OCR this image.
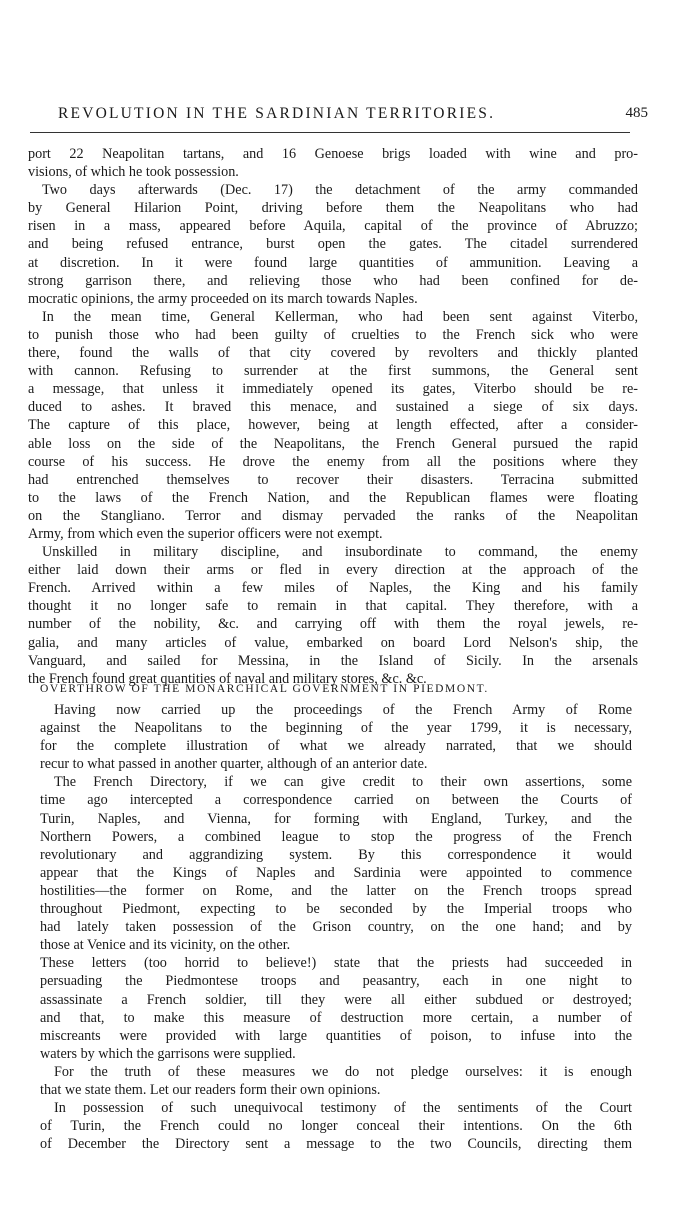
REVOLUTION IN THE SARDINIAN TERRITORIES.	485
port 22 Neapolitan tartans, and 16 Genoese brigs loaded with wine and pro-
visions, of which he took possession.
Two days afterwards (Dec. 17) the detachment of the army commanded
by General Hilarion Point, driving before them the Neapolitans who had
risen in a mass, appeared before Aquila, capital of the province of Abruzzo;
and being refused entrance, burst open the gates. The citadel surrendered
at discretion. In it were found large quantities of ammunition. Leaving a
strong garrison there, and relieving those who had been confined for de-
mocratic opinions, the army proceeded on its march towards Naples.
In the mean time, General Kellerman, who had been sent against Viterbo,
to punish those who had been guilty of cruelties to the French sick who were
there, found the walls of that city covered by revolters and thickly planted
with cannon. Refusing to surrender at the first summons, the General sent
a message, that unless it immediately opened its gates, Viterbo should be re-
duced to ashes. It braved this menace, and sustained a siege of six days.
The capture of this place, however, being at length effected, after a consider-
able loss on the side of the Neapolitans, the French General pursued the rapid
course of his success. He drove the enemy from all the positions where they
had entrenched themselves to recover their disasters. Terracina submitted
to the laws of the French Nation, and the Republican flames were floating
on the Stangliano. Terror and dismay pervaded the ranks of the Neapolitan
Army, from which even the superior officers were not exempt.
Unskilled in military discipline, and insubordinate to command, the enemy
either laid down their arms or fled in every direction at the approach of the
French. Arrived within a few miles of Naples, the King and his family
thought it no longer safe to remain in that capital. They therefore, with a
number of the nobility, &c. and carrying off with them the royal jewels, re-
galia, and many articles of value, embarked on board Lord Nelson's ship, the
Vanguard, and sailed for Messina, in the Island of Sicily. In the arsenals
the French found great quantities of naval and military stores, &c. &c.
OVERTHROW OF THE MONARCHICAL GOVERNMENT IN PIEDMONT.
Having now carried up the proceedings of the French Army of Rome
against the Neapolitans to the beginning of the year 1799, it is necessary,
for the complete illustration of what we already narrated, that we should
recur to what passed in another quarter, although of an anterior date.
The French Directory, if we can give credit to their own assertions, some
time ago intercepted a correspondence carried on between the Courts of
Turin, Naples, and Vienna, for forming with England, Turkey, and the
Northern Powers, a combined league to stop the progress of the French
revolutionary and aggrandizing system. By this correspondence it would
appear that the Kings of Naples and Sardinia were appointed to commence
hostilities—the former on Rome, and the latter on the French troops spread
throughout Piedmont, expecting to be seconded by the Imperial troops who
had lately taken possession of the Grison country, on the one hand; and by
those at Venice and its vicinity, on the other.
These letters (too horrid to believe!) state that the priests had succeeded in
persuading the Piedmontese troops and peasantry, each in one night to
assassinate a French soldier, till they were all either subdued or destroyed;
and that, to make this measure of destruction more certain, a number of
miscreants were provided with large quantities of poison, to infuse into the
waters by which the garrisons were supplied.
For the truth of these measures we do not pledge ourselves: it is enough
that we state them. Let our readers form their own opinions.
In possession of such unequivocal testimony of the sentiments of the Court
of Turin, the French could no longer conceal their intentions. On the 6th
of December the Directory sent a message to the two Councils, directing them
